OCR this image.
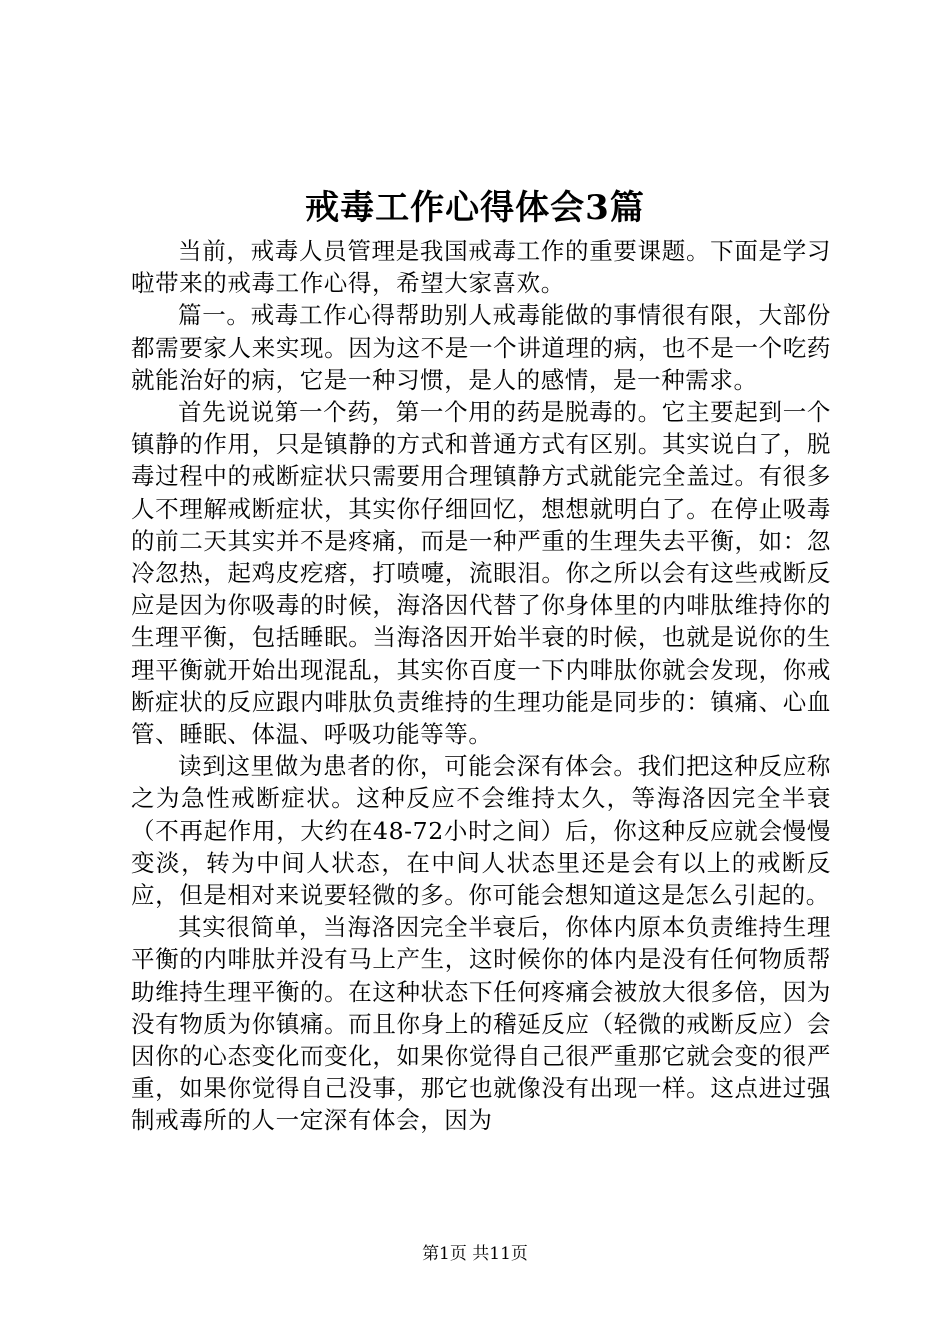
戒毒工作心得体会3篇

当前，戒毒人员管理是我国戒毒工作的重要课题。下面是学习啦带来的戒毒工作心得，希望大家喜欢。

篇一。戒毒工作心得帮助别人戒毒能做的事情很有限，大部份都需要家人来实现。因为这不是一个讲道理的病，也不是一个吃药就能治好的病，它是一种习惯，是人的感情，是一种需求。

首先说说第一个药，第一个用的药是脱毒的。它主要起到一个镇静的作用，只是镇静的方式和普通方式有区别。其实说白了，脱毒过程中的戒断症状只需要用合理镇静方式就能完全盖过。有很多人不理解戒断症状，其实你仔细回忆，想想就明白了。在停止吸毒的前二天其实并不是疼痛，而是一种严重的生理失去平衡，如：忽冷忽热，起鸡皮疙瘩，打喷嚏，流眼泪。你之所以会有这些戒断反应是因为你吸毒的时候，海洛因代替了你身体里的内啡肽维持你的生理平衡，包括睡眠。当海洛因开始半衰的时候，也就是说你的生理平衡就开始出现混乱，其实你百度一下内啡肽你就会发现，你戒断症状的反应跟内啡肽负责维持的生理功能是同步的：镇痛、心血管、睡眠、体温、呼吸功能等等。

读到这里做为患者的你，可能会深有体会。我们把这种反应称之为急性戒断症状。这种反应不会维持太久，等海洛因完全半衰（不再起作用，大约在48-72小时之间）后，你这种反应就会慢慢变淡，转为中间人状态，在中间人状态里还是会有以上的戒断反应，但是相对来说要轻微的多。你可能会想知道这是怎么引起的。

其实很简单，当海洛因完全半衰后，你体内原本负责维持生理平衡的内啡肽并没有马上产生，这时候你的体内是没有任何物质帮助维持生理平衡的。在这种状态下任何疼痛会被放大很多倍，因为没有物质为你镇痛。而且你身上的稽延反应（轻微的戒断反应）会因你的心态变化而变化，如果你觉得自己很严重那它就会变的很严重，如果你觉得自己没事，那它也就像没有出现一样。这点进过强制戒毒所的人一定深有体会，因为

第1页 共11页
